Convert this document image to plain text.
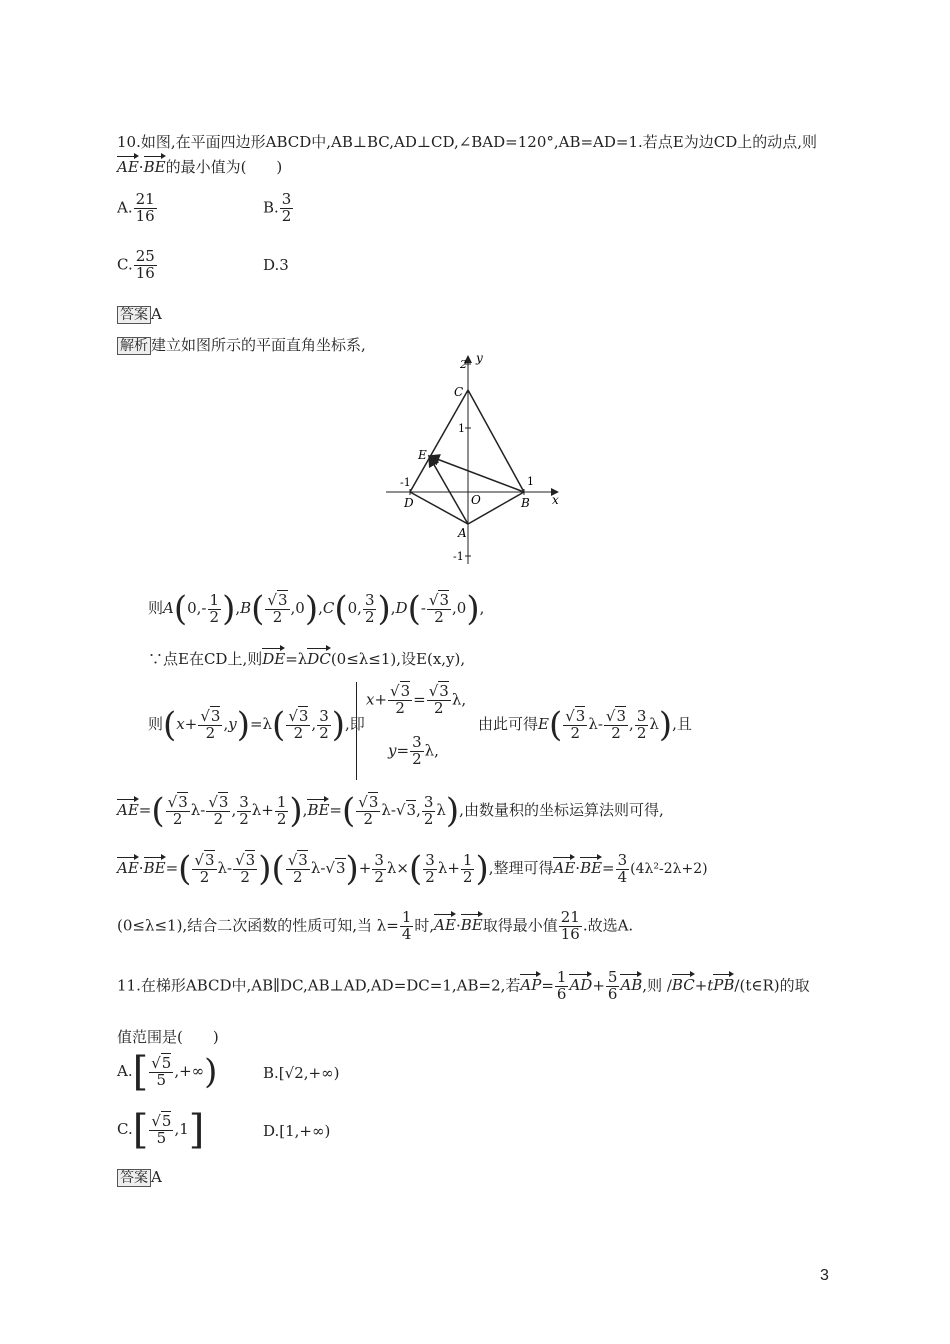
10.如图,在平面四边形ABCD中,AB⊥BC,AD⊥CD,∠BAD=120°,AB=AD=1.若点E为边CD上的动点,则
AE·BE的最小值为(　　)
A. $\frac{21}{16}$	B. $\frac{3}{2}$
C. $\frac{25}{16}$	D.3
答案 A
解析 建立如图所示的平面直角坐标系,
2 y
1
-1
-1	1
x
O
C
E
D	B
A
则$A(0,- \frac{1}{2} ),B( \frac{√3}{2} ,0),C(0$, $\frac{3}{2} ),D(- \frac{√3}{2} ,0)$,
∵点E在CD上,则DE=λDC(0≤λ≤1),设E(x,y),
则$(x+ \frac{√3}{2} ,y)=\lambda( \frac{√3}{2}$ , $\frac{3}{2}$ ),即
$x+ \frac{√3}{2} = \frac{√3}{2} \lambda$,
$y= \frac{3}{2} \lambda$,
由此可得$E( \frac{√3}{2} \lambda- \frac{√3}{2}$ , $\frac{3}{2} \lambda$),且
$AE=( \frac{√3}{2} \lambda- \frac{√3}{2}$ , $\frac{3}{2} \lambda+ \frac{1}{2} ),BE=( \frac{√3}{2} \lambda-√3$, $\frac{3}{2} \lambda$),由数量积的坐标运算法则可得,
$AE\cdot BE=( \frac{√3}{2} \lambda- \frac{√3}{2}$ )( $\frac{√3}{2} \lambda-√3)+ \frac{3}{2} \lambda\times( \frac{3}{2} \lambda+ \frac{1}{2}$ ),整理可得$AE\cdot BE= \frac{3}{4} (4\lambda^2-2\lambda+2)$
(0≤λ≤1),结合二次函数的性质可知,当 $\lambda= \frac{1}{4}$ 时,AE·BE取得最小值 $\frac{21}{16}$ .故选A.
11.在梯形ABCD中,AB∥DC,AB⊥AD,AD=DC=1,AB=2,若$AP= \frac{1}{6} AD+ \frac{5}{6}$ AB,则 /BC+tPB/(t∈R)的取
值范围是(　　)
$A.[ \frac{√5}{5}$ ,+∞)	B.[√2,+∞)
$C.[ \frac{√5}{5} ,1]$	D.[1,+∞)
答案 A
3
